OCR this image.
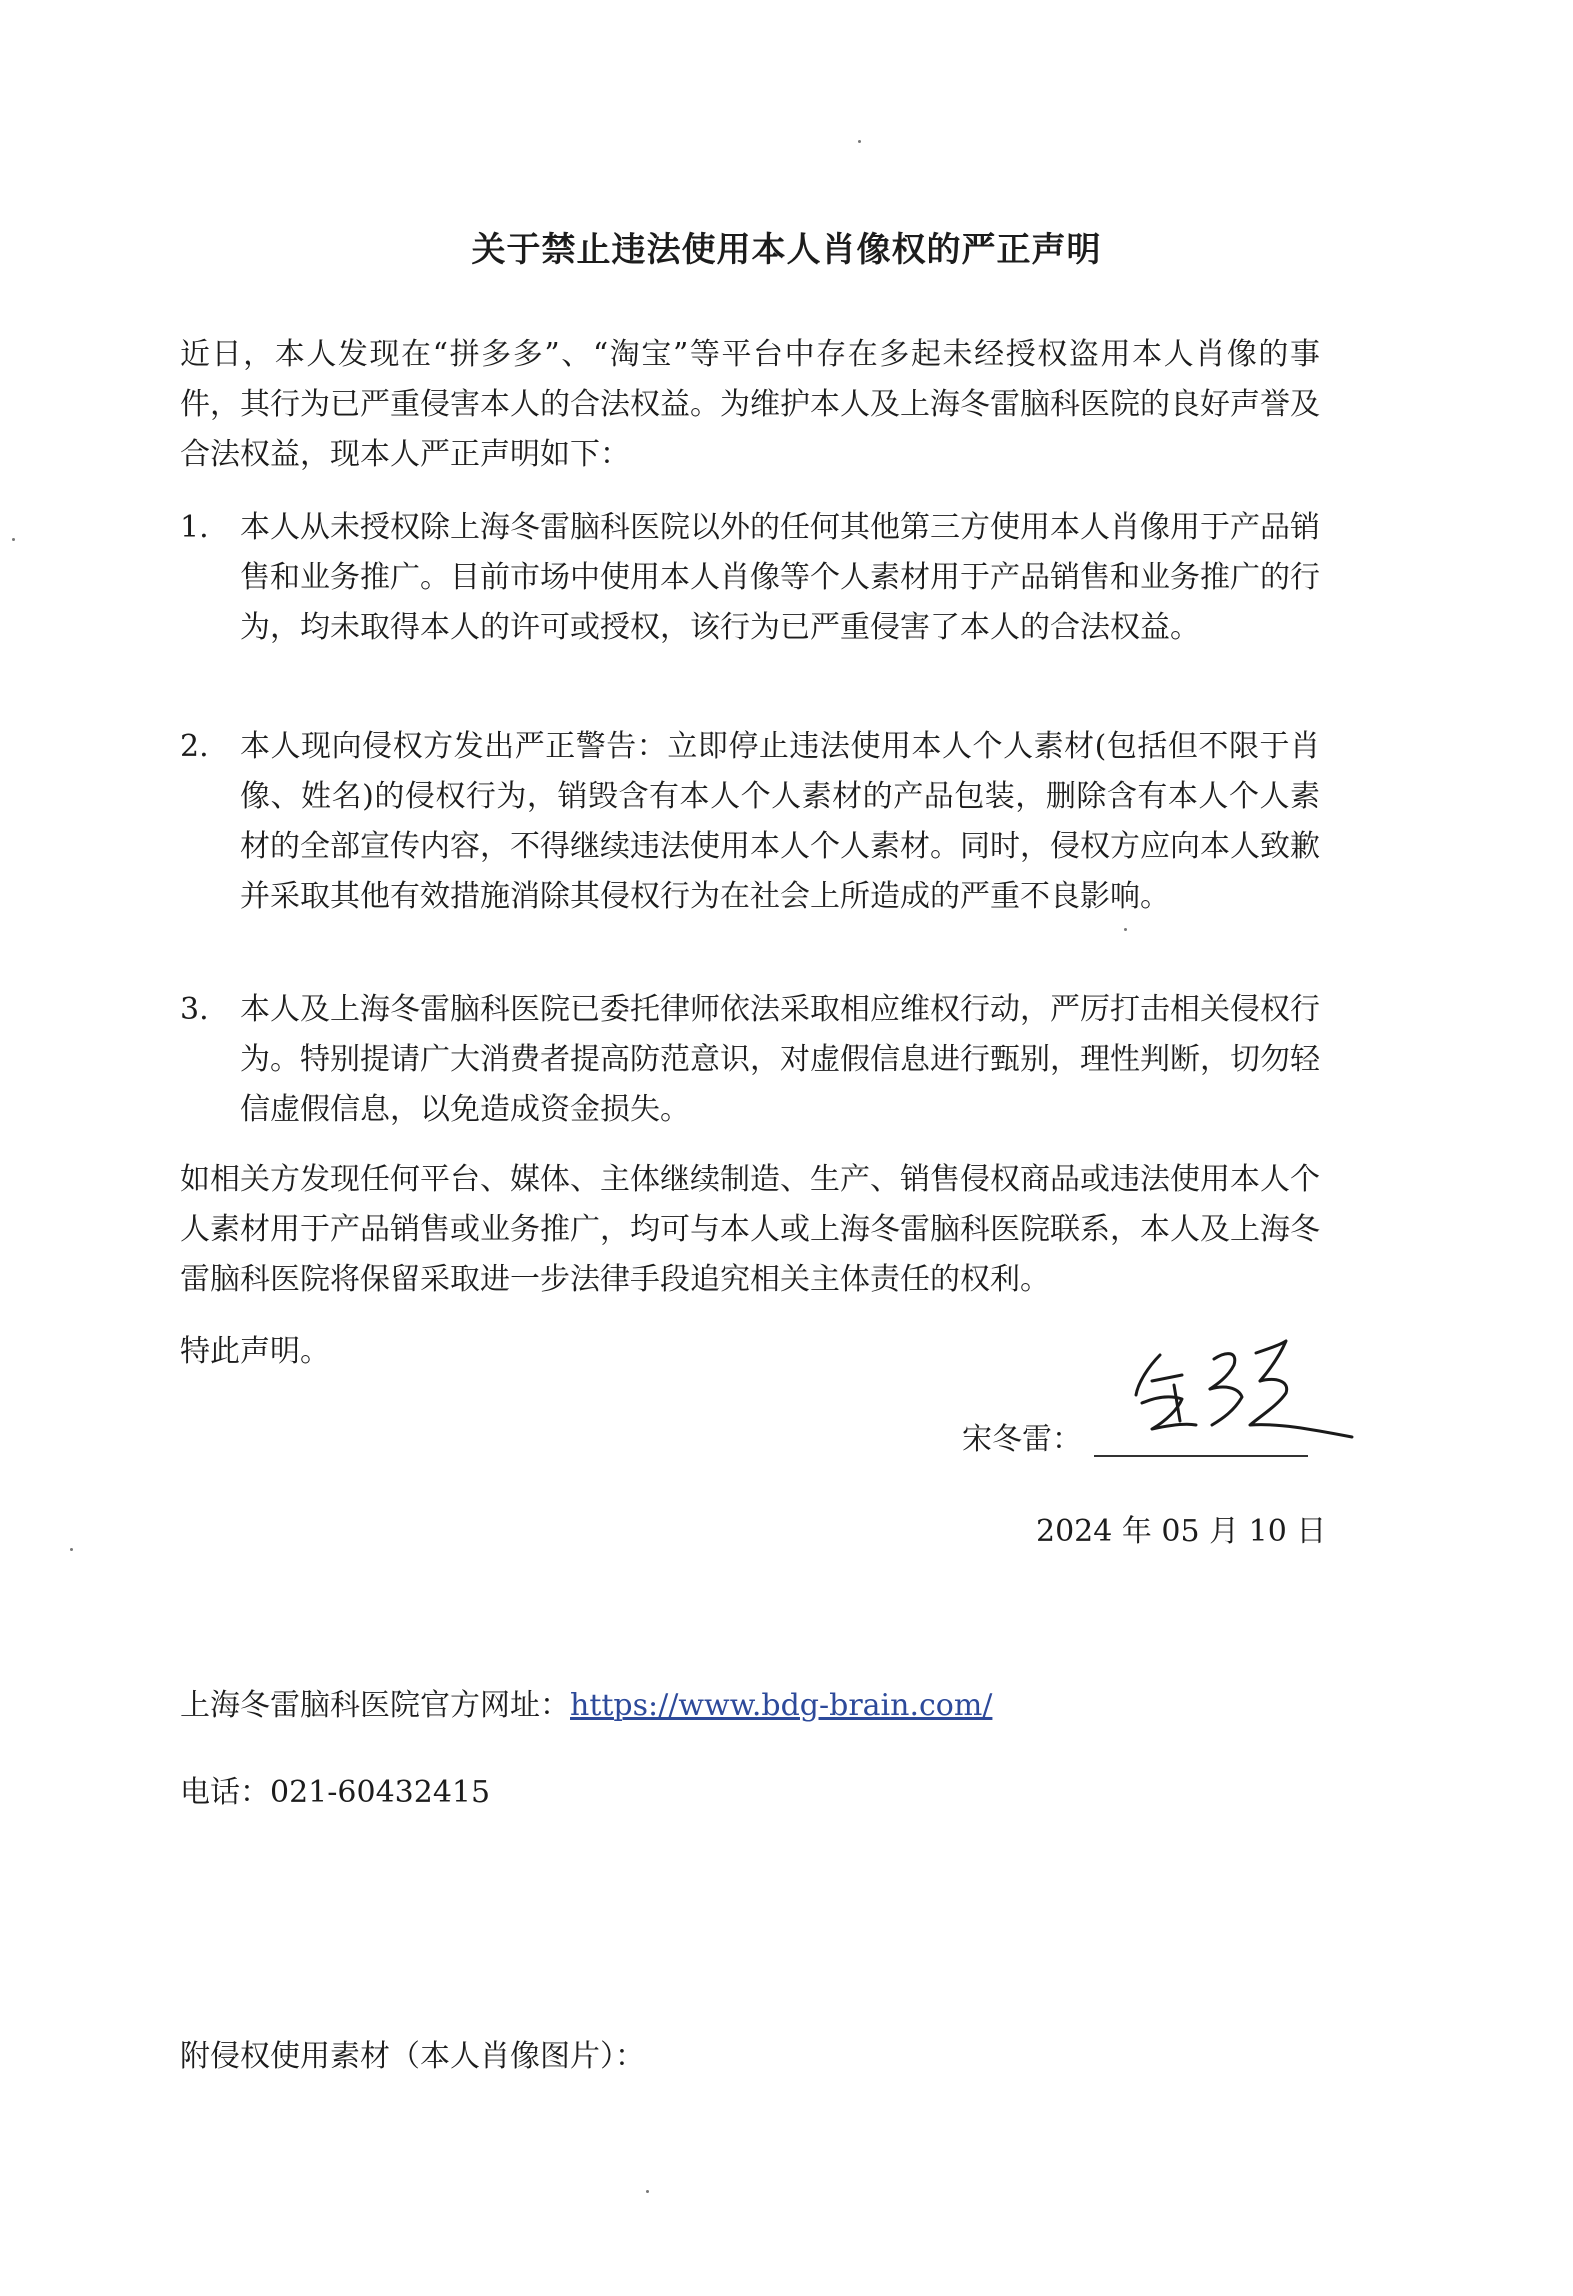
关于禁止违法使用本人肖像权的严正声明

近日，本人发现在“拼多多”、“淘宝”等平台中存在多起未经授权盗用本人肖像的事件，其行为已严重侵害本人的合法权益。为维护本人及上海冬雷脑科医院的良好声誉及合法权益，现本人严正声明如下：

1. 本人从未授权除上海冬雷脑科医院以外的任何其他第三方使用本人肖像用于产品销售和业务推广。目前市场中使用本人肖像等个人素材用于产品销售和业务推广的行为，均未取得本人的许可或授权，该行为已严重侵害了本人的合法权益。
2. 本人现向侵权方发出严正警告：立即停止违法使用本人个人素材(包括但不限于肖像、姓名)的侵权行为，销毁含有本人个人素材的产品包装，删除含有本人个人素材的全部宣传内容，不得继续违法使用本人个人素材。同时，侵权方应向本人致歉并采取其他有效措施消除其侵权行为在社会上所造成的严重不良影响。
3. 本人及上海冬雷脑科医院已委托律师依法采取相应维权行动，严厉打击相关侵权行为。特别提请广大消费者提高防范意识，对虚假信息进行甄别，理性判断，切勿轻信虚假信息，以免造成资金损失。

如相关方发现任何平台、媒体、主体继续制造、生产、销售侵权商品或违法使用本人个人素材用于产品销售或业务推广，均可与本人或上海冬雷脑科医院联系，本人及上海冬雷脑科医院将保留采取进一步法律手段追究相关主体责任的权利。

特此声明。
宋冬雷：
2024 年 05 月 10 日
上海冬雷脑科医院官方网址：https://www.bdg-brain.com/
电话：021-60432415
附侵权使用素材（本人肖像图片）：
